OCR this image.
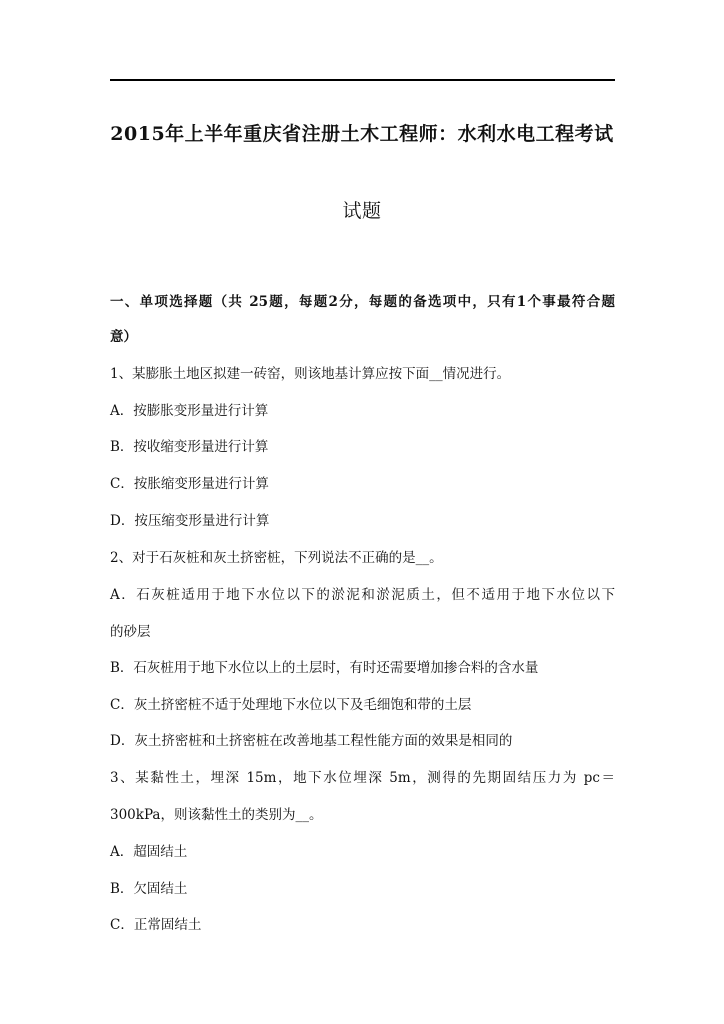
2015年上半年重庆省注册土木工程师：水利水电工程考试
试题

一、单项选择题（共 25题，每题2分，每题的备选项中，只有1个事最符合题

意）

1、某膨胀土地区拟建一砖窑，则该地基计算应按下面__情况进行。

A．按膨胀变形量进行计算

B．按收缩变形量进行计算

C．按胀缩变形量进行计算

D．按压缩变形量进行计算

2、对于石灰桩和灰土挤密桩，下列说法不正确的是__。

A．石灰桩适用于地下水位以下的淤泥和淤泥质土，但不适用于地下水位以下

的砂层

B．石灰桩用于地下水位以上的土层时，有时还需要增加掺合料的含水量

C．灰土挤密桩不适于处理地下水位以下及毛细饱和带的土层

D．灰土挤密桩和土挤密桩在改善地基工程性能方面的效果是相同的

3、某黏性土，埋深 15m，地下水位埋深 5m，测得的先期固结压力为 pc＝

300kPa，则该黏性土的类别为__。

A．超固结土

B．欠固结土

C．正常固结土
